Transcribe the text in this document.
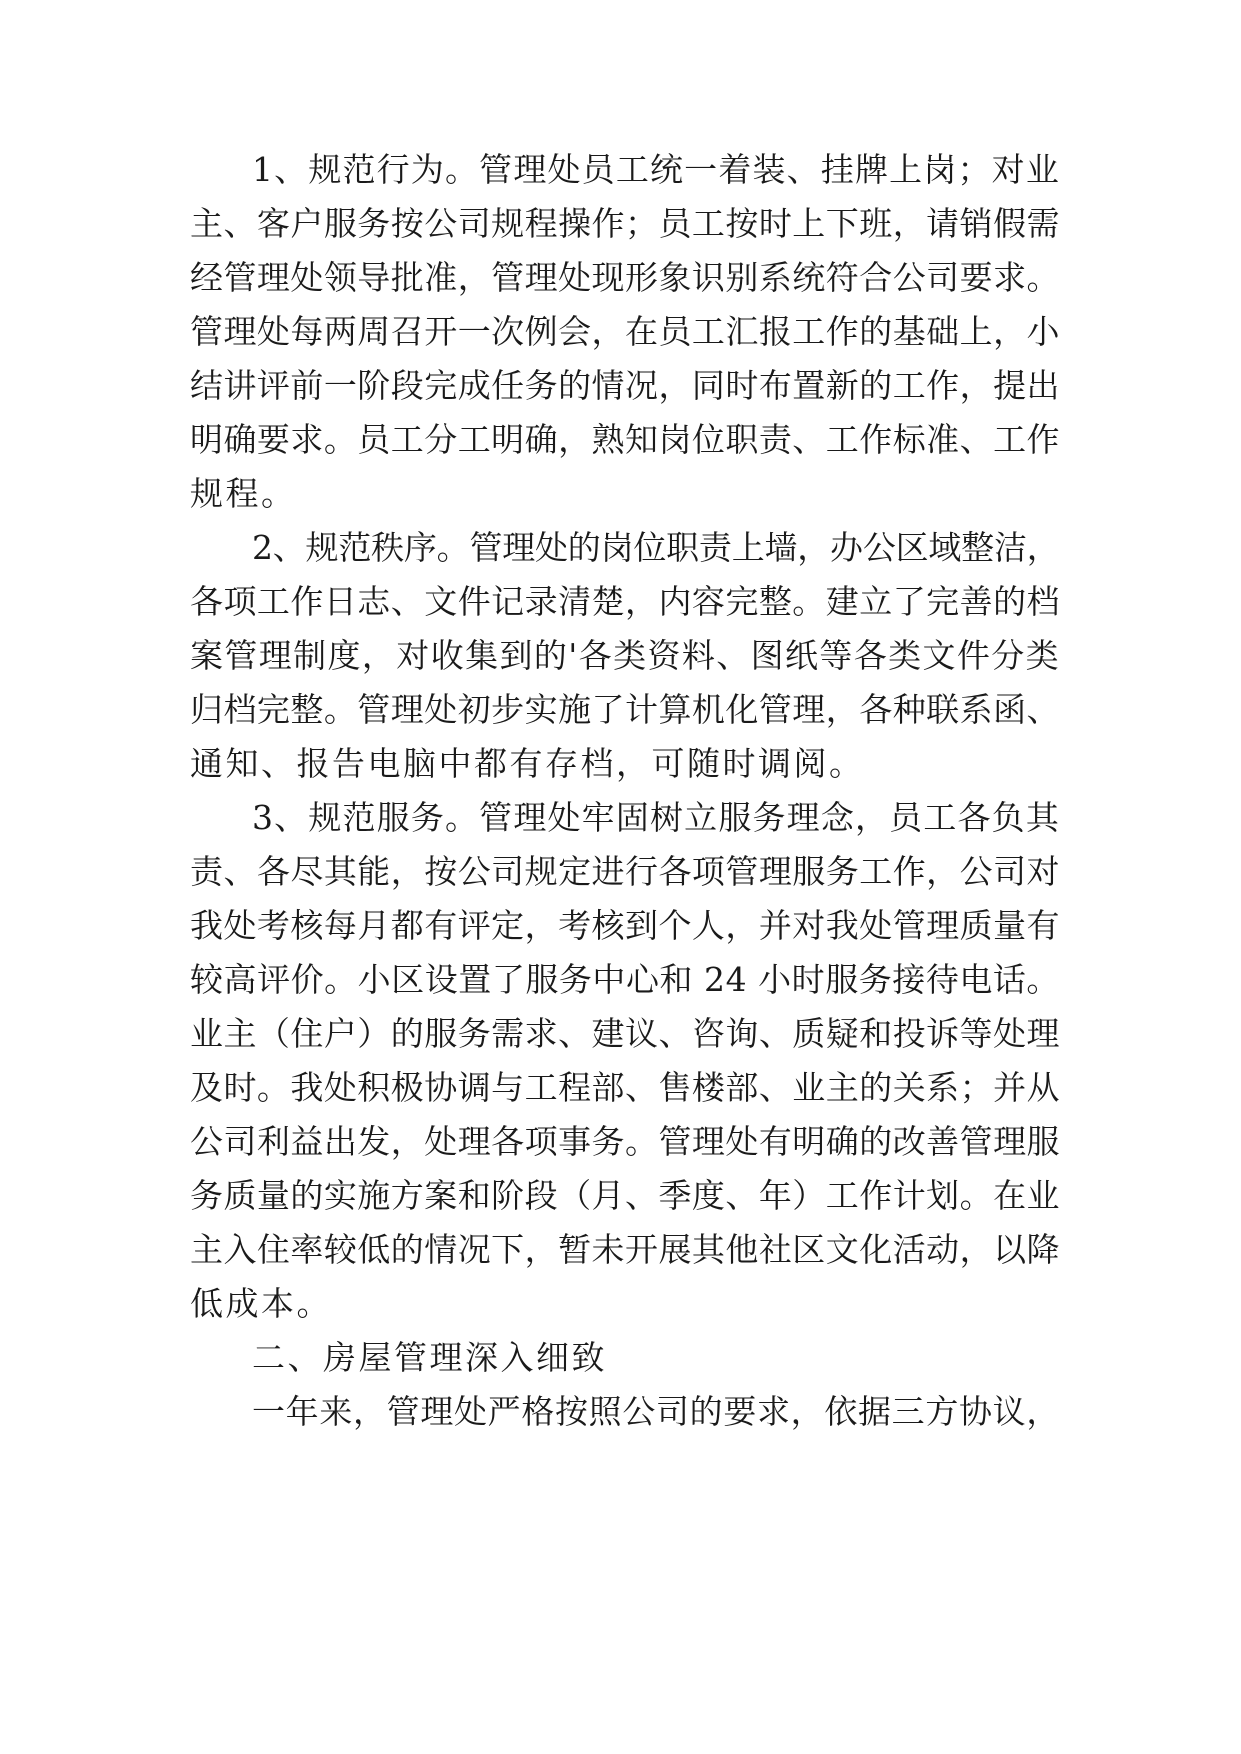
1、规范行为。管理处员工统一着装、挂牌上岗；对业
主、客户服务按公司规程操作；员工按时上下班，请销假需
经管理处领导批准，管理处现形象识别系统符合公司要求。
管理处每两周召开一次例会，在员工汇报工作的基础上，小
结讲评前一阶段完成任务的情况，同时布置新的工作，提出
明确要求。员工分工明确，熟知岗位职责、工作标准、工作
规程。
2、规范秩序。管理处的岗位职责上墙，办公区域整洁，
各项工作日志、文件记录清楚，内容完整。建立了完善的档
案管理制度，对收集到的'各类资料、图纸等各类文件分类
归档完整。管理处初步实施了计算机化管理，各种联系函、
通知、报告电脑中都有存档，可随时调阅。
3、规范服务。管理处牢固树立服务理念，员工各负其
责、各尽其能，按公司规定进行各项管理服务工作，公司对
我处考核每月都有评定，考核到个人，并对我处管理质量有
较高评价。小区设置了服务中心和 24 小时服务接待电话。
业主（住户）的服务需求、建议、咨询、质疑和投诉等处理
及时。我处积极协调与工程部、售楼部、业主的关系；并从
公司利益出发，处理各项事务。管理处有明确的改善管理服
务质量的实施方案和阶段（月、季度、年）工作计划。在业
主入住率较低的情况下，暂未开展其他社区文化活动，以降
低成本。
二、房屋管理深入细致
一年来，管理处严格按照公司的要求，依据三方协议，
